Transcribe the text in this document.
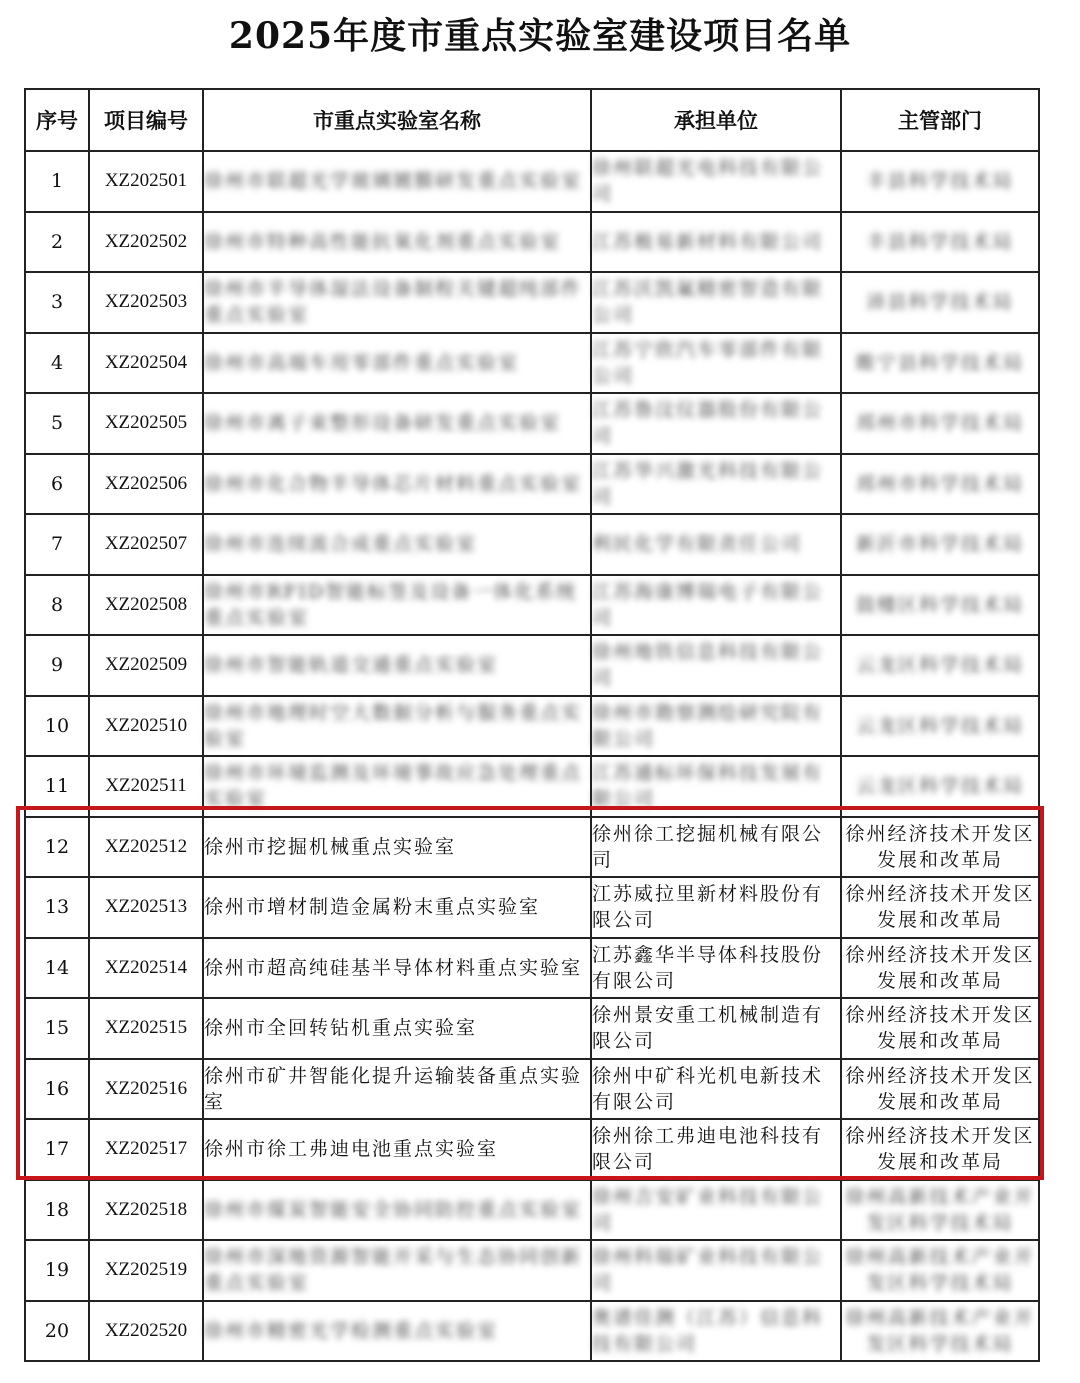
2025年度市重点实验室建设项目名单
序号	项目编号	市重点实验室名称	承担单位	主管部门
1	XZ202501	徐州市联超光学玻璃镀膜研发重点实验室	徐州联超光电科技有限公司	丰县科学技术局
2	XZ202502	徐州市特种高性能抗氧化剂重点实验室	江苏极易新材料有限公司	丰县科学技术局
3	XZ202503	徐州市半导体湿法设备制程关键超纯部件重点实验室	江苏沃凯氟精密智造有限公司	沛县科学技术局
4	XZ202504	徐州市高端车用零部件重点实验室	江苏宁欣汽车零部件有限公司	睢宁县科学技术局
5	XZ202505	徐州市离子束整形设备研发重点实验室	江苏鲁汶仪器股份有限公司	邳州市科学技术局
6	XZ202506	徐州市化合物半导体芯片材料重点实验室	江苏华兴激光科技有限公司	邳州市科学技术局
7	XZ202507	徐州市连续流合成重点实验室	利民化学有限责任公司	新沂市科学技术局
8	XZ202508	徐州市RFID智能标签及设备一体化系统重点实验室	江苏海康博瑞电子有限公司	鼓楼区科学技术局
9	XZ202509	徐州市智能轨道交通重点实验室	徐州地铁信息科技有限公司	云龙区科学技术局
10	XZ202510	徐州市地理时空大数据分析与服务重点实验室	徐州市勘察测绘研究院有限公司	云龙区科学技术局
11	XZ202511	徐州市环境监测及环境事故应急处理重点实验室	江苏通标环保科技发展有限公司	云龙区科学技术局
12	XZ202512	徐州市挖掘机械重点实验室	徐州徐工挖掘机械有限公司	徐州经济技术开发区发展和改革局
13	XZ202513	徐州市增材制造金属粉末重点实验室	江苏威拉里新材料股份有限公司	徐州经济技术开发区发展和改革局
14	XZ202514	徐州市超高纯硅基半导体材料重点实验室	江苏鑫华半导体科技股份有限公司	徐州经济技术开发区发展和改革局
15	XZ202515	徐州市全回转钻机重点实验室	徐州景安重工机械制造有限公司	徐州经济技术开发区发展和改革局
16	XZ202516	徐州市矿井智能化提升运输装备重点实验室	徐州中矿科光机电新技术有限公司	徐州经济技术开发区发展和改革局
17	XZ202517	徐州市徐工弗迪电池重点实验室	徐州徐工弗迪电池科技有限公司	徐州经济技术开发区发展和改革局
18	XZ202518	徐州市煤炭智能安全协同防控重点实验室	徐州吉安矿业科技有限公司	徐州高新技术产业开发区科学技术局
19	XZ202519	徐州市深地资源智能开采与生态协同创新重点实验室	徐州科瑞矿业科技有限公司	徐州高新技术产业开发区科学技术局
20	XZ202520	徐州市精密光学检测重点实验室	奥谱佳测（江苏）信息科技有限公司	徐州高新技术产业开发区科学技术局
